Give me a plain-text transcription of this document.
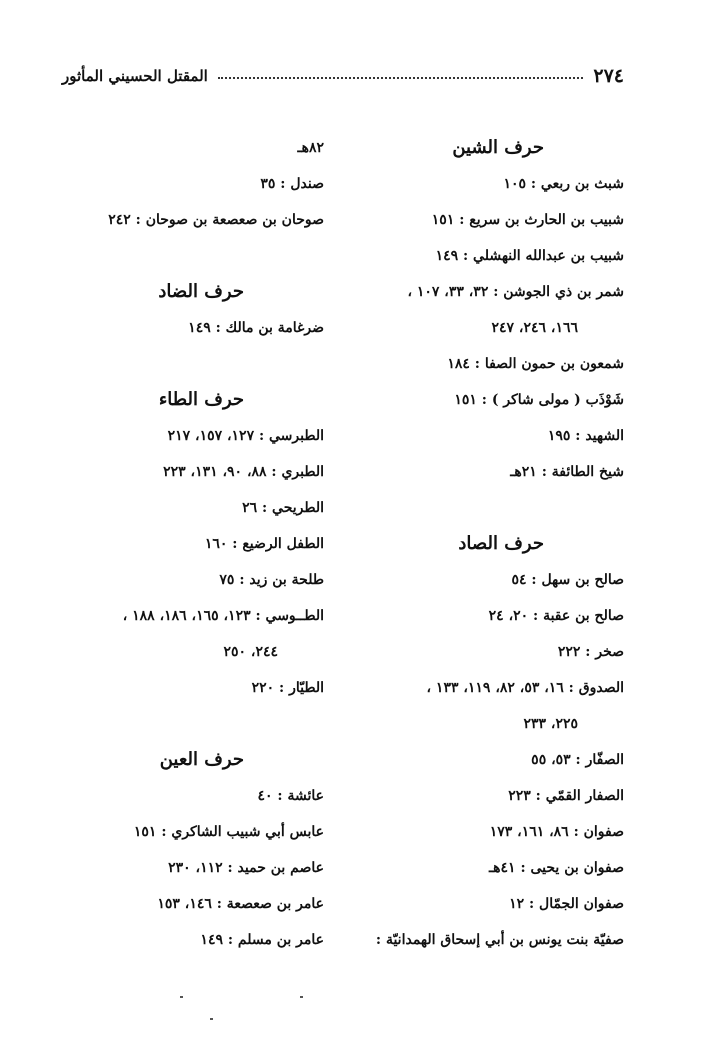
٢٧٤
المقتل الحسيني المأثور
حرف الشين
شبث بن ربعي : ١٠٥
شبيب بن الحارث بن سريع : ١٥١
شبيب بن عبدالله النهشلي : ١٤٩
شمر بن ذي الجوشن : ٣٢، ٣٣، ١٠٧ ،
١٦٦، ٢٤٦، ٢٤٧
شمعون بن حمون الصفا : ١٨٤
شَوْذَب ( مولى شاكر ) : ١٥١
الشهيد : ١٩٥
شيخ الطائفة : ٢١هـ
حرف الصاد
صالح بن سهل : ٥٤
صالح بن عقبة : ٢٠، ٢٤
صخر : ٢٢٢
الصدوق : ١٦، ٥٣، ٨٢، ١١٩، ١٣٣ ،
٢٢٥، ٢٣٣
الصفّار : ٥٣، ٥٥
الصفار القمّي : ٢٢٣
صفوان : ٨٦، ١٦١، ١٧٣
صفوان بن يحيى : ٤١هـ
صفوان الجمّال : ١٢
صفيّة بنت يونس بن أبي إسحاق الهمدانيّة :
٨٢هـ
صندل : ٣٥
صوحان بن صعصعة بن صوحان : ٢٤٢
حرف الضاد
ضرغامة بن مالك : ١٤٩
حرف الطاء
الطبرسي : ١٢٧، ١٥٧، ٢١٧
الطبري : ٨٨، ٩٠، ١٣١، ٢٢٣
الطريحي : ٢٦
الطفل الرضيع : ١٦٠
طلحة بن زيد : ٧٥
الطــوسي : ١٢٣، ١٦٥، ١٨٦، ١٨٨ ،
٢٤٤، ٢٥٠
الطيّار : ٢٢٠
حرف العين
عائشة : ٤٠
عابس أبي شبيب الشاكري : ١٥١
عاصم بن حميد : ١١٢، ٢٣٠
عامر بن صعصعة : ١٤٦، ١٥٣
عامر بن مسلم : ١٤٩
